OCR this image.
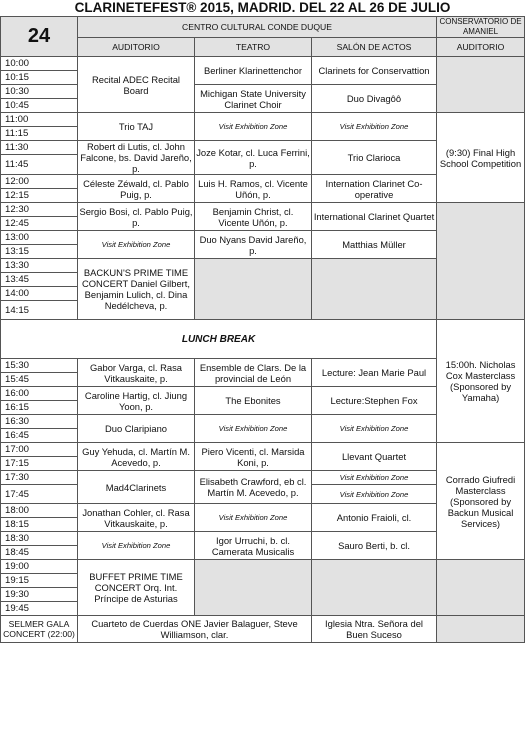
CLARINETEFEST® 2015, MADRID. DEL 22 AL 26 DE JULIO
24	CENTRO CULTURAL CONDE DUQUE			CONSERVATORIO DE AMANIEL
	AUDITORIO	TEATRO	SALÓN DE ACTOS	AUDITORIO
10:00	Recital ADEC Recital Board	Berliner Klarinettenchor	Clarinets for Conservattion	
10:15				
10:30		Michigan State University Clarinet Choir	Duo Divagôô	
10:45				
11:00	Trio TAJ	Visit Exhibition Zone	Visit Exhibition Zone	(9:30) Final High School Competition
11:15				
11:30	Robert di Lutis, cl. John Falcone, bs. David Jareño, p.	Joze Kotar, cl. Luca Ferrini, p.	Trio Clarioca	
11:45				
12:00	Céleste Zéwald, cl. Pablo Puig, p.	Luis H. Ramos, cl. Vicente Uñón, p.	Internation Clarinet Co-operative	
12:15				
12:30	Sergio Bosi, cl. Pablo Puig, p.	Benjamin Christ, cl. Vicente Uñón, p.	International Clarinet Quartet	
12:45				
13:00	Visit Exhibition Zone	Duo Nyans David Jareño, p.	Matthias Müller	
13:15				
13:30	BACKUN'S PRIME TIME CONCERT Daniel Gilbert, Benjamin Lulich, cl. Dina Nedélcheva, p.			
13:45				
14:00				
14:15				
LUNCH BREAK				15:00h. Nicholas Cox Masterclass (Sponsored by Yamaha)
15:30	Gabor Varga, cl. Rasa Vitkauskaite, p.	Ensemble de Clars. De la provincial de León	Lecture: Jean Marie Paul	
15:45				
16:00	Caroline Hartig, cl. Jiung Yoon, p.	The Ebonites	Lecture:Stephen Fox	
16:15				
16:30	Duo Claripiano	Visit Exhibition Zone	Visit Exhibition Zone	
16:45				
17:00	Guy Yehuda, cl. Martín M. Acevedo, p.	Piero Vicenti, cl. Marsida Koni, p.	Llevant Quartet	Corrado Giufredi Masterclass (Sponsored by Backun Musical Services)
17:15				
17:30	Mad4Clarinets	Elisabeth Crawford, eb cl. Martín M. Acevedo, p.	Visit Exhibition Zone	
17:45			Visit Exhibition Zone	
18:00	Jonathan Cohler, cl. Rasa Vitkauskaite, p.	Visit Exhibition Zone	Antonio Fraioli, cl.	
18:15				
18:30	Visit Exhibition Zone	Igor Urruchi, b. cl. Camerata Musicalis	Sauro Berti, b. cl.	
18:45				
19:00	BUFFET PRIME TIME CONCERT Orq. Int. Príncipe de Asturias			
19:15				
19:30				
19:45				
SELMER GALA CONCERT (22:00)	Cuarteto de Cuerdas ONE Javier Balaguer, Steve Williamson, clar.		Iglesia Ntra. Señora del Buen Suceso	
